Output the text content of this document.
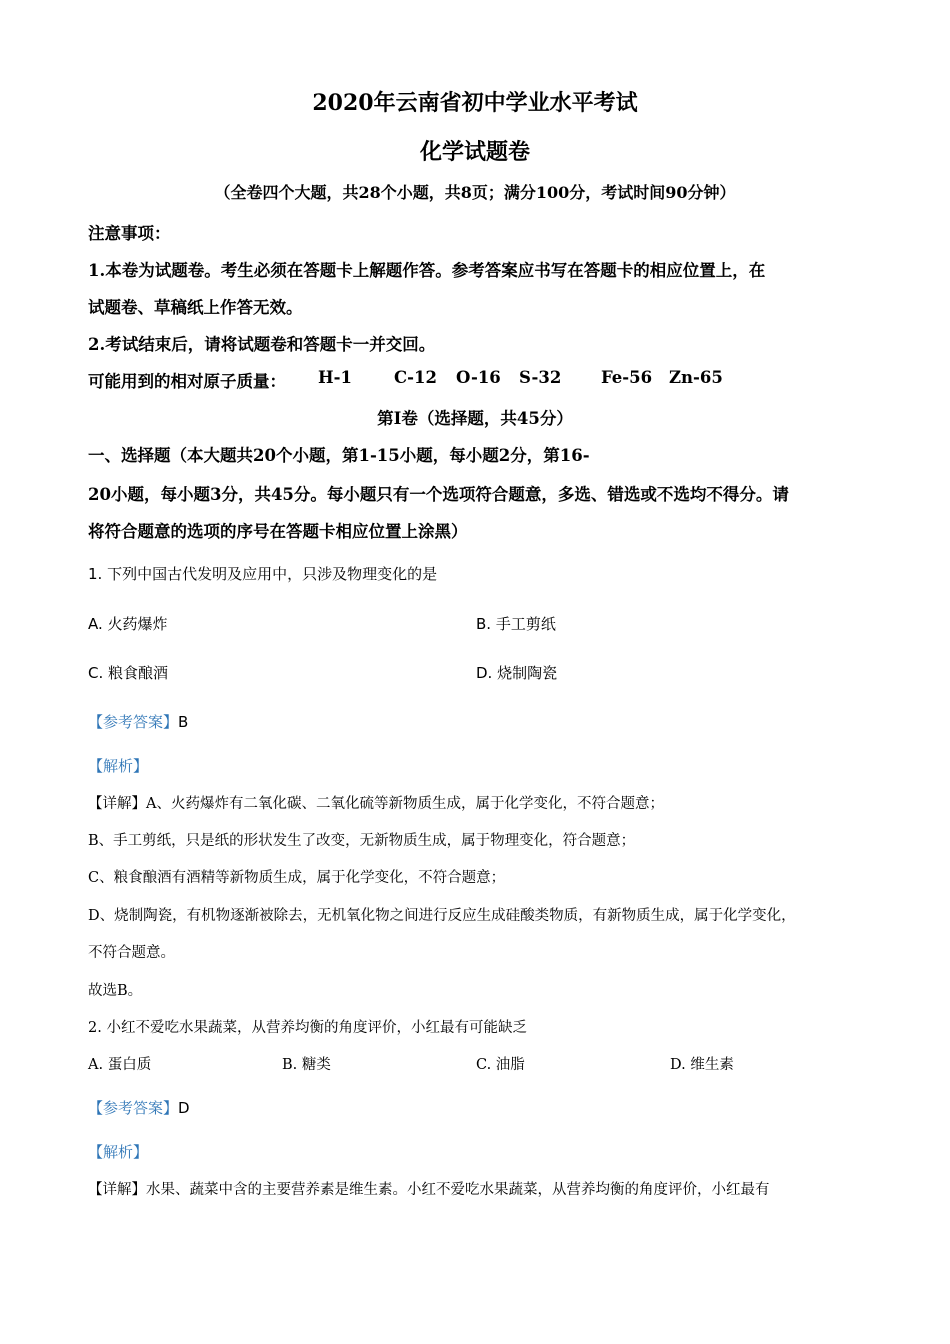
2020年云南省初中学业水平考试
化学试题卷
（全卷四个大题，共28个小题，共8页；满分100分，考试时间90分钟）
注意事项：
1.本卷为试题卷。考生必须在答题卡上解题作答。参考答案应书写在答题卡的相应位置上，在
试题卷、草稿纸上作答无效。
2.考试结束后，请将试题卷和答题卡一并交回。
可能用到的相对原子质量： H-1	C-12 O-16 S-32 Fe-56 Zn-65
第Ⅰ卷（选择题，共45分）
一、选择题（本大题共20个小题，第1-15小题，每小题2分，第16-
20小题，每小题3分，共45分。每小题只有一个选项符合题意，多选、错选或不选均不得分。请
将符合题意的选项的序号在答题卡相应位置上涂黑）
1. 下列中国古代发明及应用中，只涉及物理变化的是
A. 火药爆炸	B. 手工剪纸
C. 粮食酿酒	D. 烧制陶瓷
【参考答案】B
【解析】
【详解】A、火药爆炸有二氧化碳、二氧化硫等新物质生成，属于化学变化，不符合题意；
B、手工剪纸，只是纸的形状发生了改变，无新物质生成，属于物理变化，符合题意；
C、粮食酿酒有酒精等新物质生成，属于化学变化，不符合题意；
D、烧制陶瓷，有机物逐渐被除去，无机氧化物之间进行反应生成硅酸类物质，有新物质生成，属于化学变化，
不符合题意。
故选B。
2. 小红不爱吃水果蔬菜，从营养均衡的角度评价，小红最有可能缺乏
A. 蛋白质	B. 糖类	C. 油脂	D. 维生素
【参考答案】D
【解析】
【详解】水果、蔬菜中含的主要营养素是维生素。小红不爱吃水果蔬菜，从营养均衡的角度评价，小红最有
